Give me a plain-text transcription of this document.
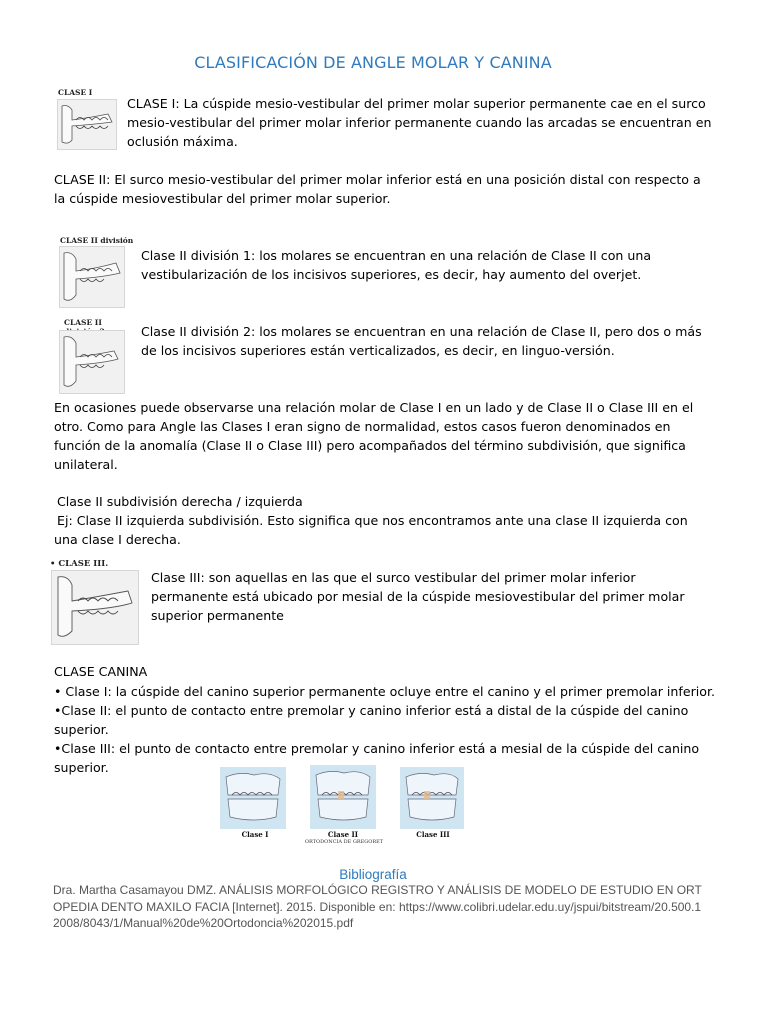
CLASIFICACIÓN DE ANGLE MOLAR Y CANINA
CLASE I

CLASE I: La cúspide mesio-vestibular del primer molar superior permanente cae en el surco mesio-vestibular del primer molar inferior permanente cuando las arcadas se encuentran en oclusión máxima.

CLASE II: El surco mesio-vestibular del primer molar inferior está en una posición distal con respecto a la cúspide mesiovestibular del primer molar superior.

CLASE II división

Clase II división 1: los molares se encuentran en una relación de Clase II con una vestibularización de los incisivos superiores, es decir, hay aumento del overjet.

CLASE II

Clase II división 2: los molares se encuentran en una relación de Clase II, pero dos o más de los incisivos superiores están verticalizados, es decir, en linguo-versión.

En ocasiones puede observarse una relación molar de Clase I en un lado y de Clase II o Clase III en el otro. Como para Angle las Clases I eran signo de normalidad, estos casos fueron denominados en función de la anomalía (Clase II o Clase III) pero acompañados del término subdivisión, que significa unilateral.

Clase II subdivisión derecha / izquierda

Ej: Clase II izquierda subdivisión. Esto significa que nos encontramos ante una clase II izquierda con una clase I derecha.

• CLASE III.

Clase III: son aquellas en las que el surco vestibular del primer molar inferior permanente está ubicado por mesial de la cúspide mesiovestibular del primer molar superior permanente

CLASE CANINA

• Clase I: la cúspide del canino superior permanente ocluye entre el canino y el primer premolar inferior.

•Clase II: el punto de contacto entre premolar y canino inferior está a distal de la cúspide del canino superior.

•Clase III: el punto de contacto entre premolar y canino inferior está a mesial de la cúspide del canino superior.

Clase I	Clase II
ORTODONCIA DE GREGORET
Clase III
Bibliografía

Dra. Martha Casamayou DMZ. ANÁLISIS MORFOLÓGICO REGISTRO Y ANÁLISIS DE MODELO DE ESTUDIO EN ORTOPEDIA DENTO MAXILO FACIA [Internet]. 2015. Disponible en: https://www.colibri.udelar.edu.uy/jspui/bitstream/20.500.12008/8043/1/Manual%20de%20Ortodoncia%202015.pdf
